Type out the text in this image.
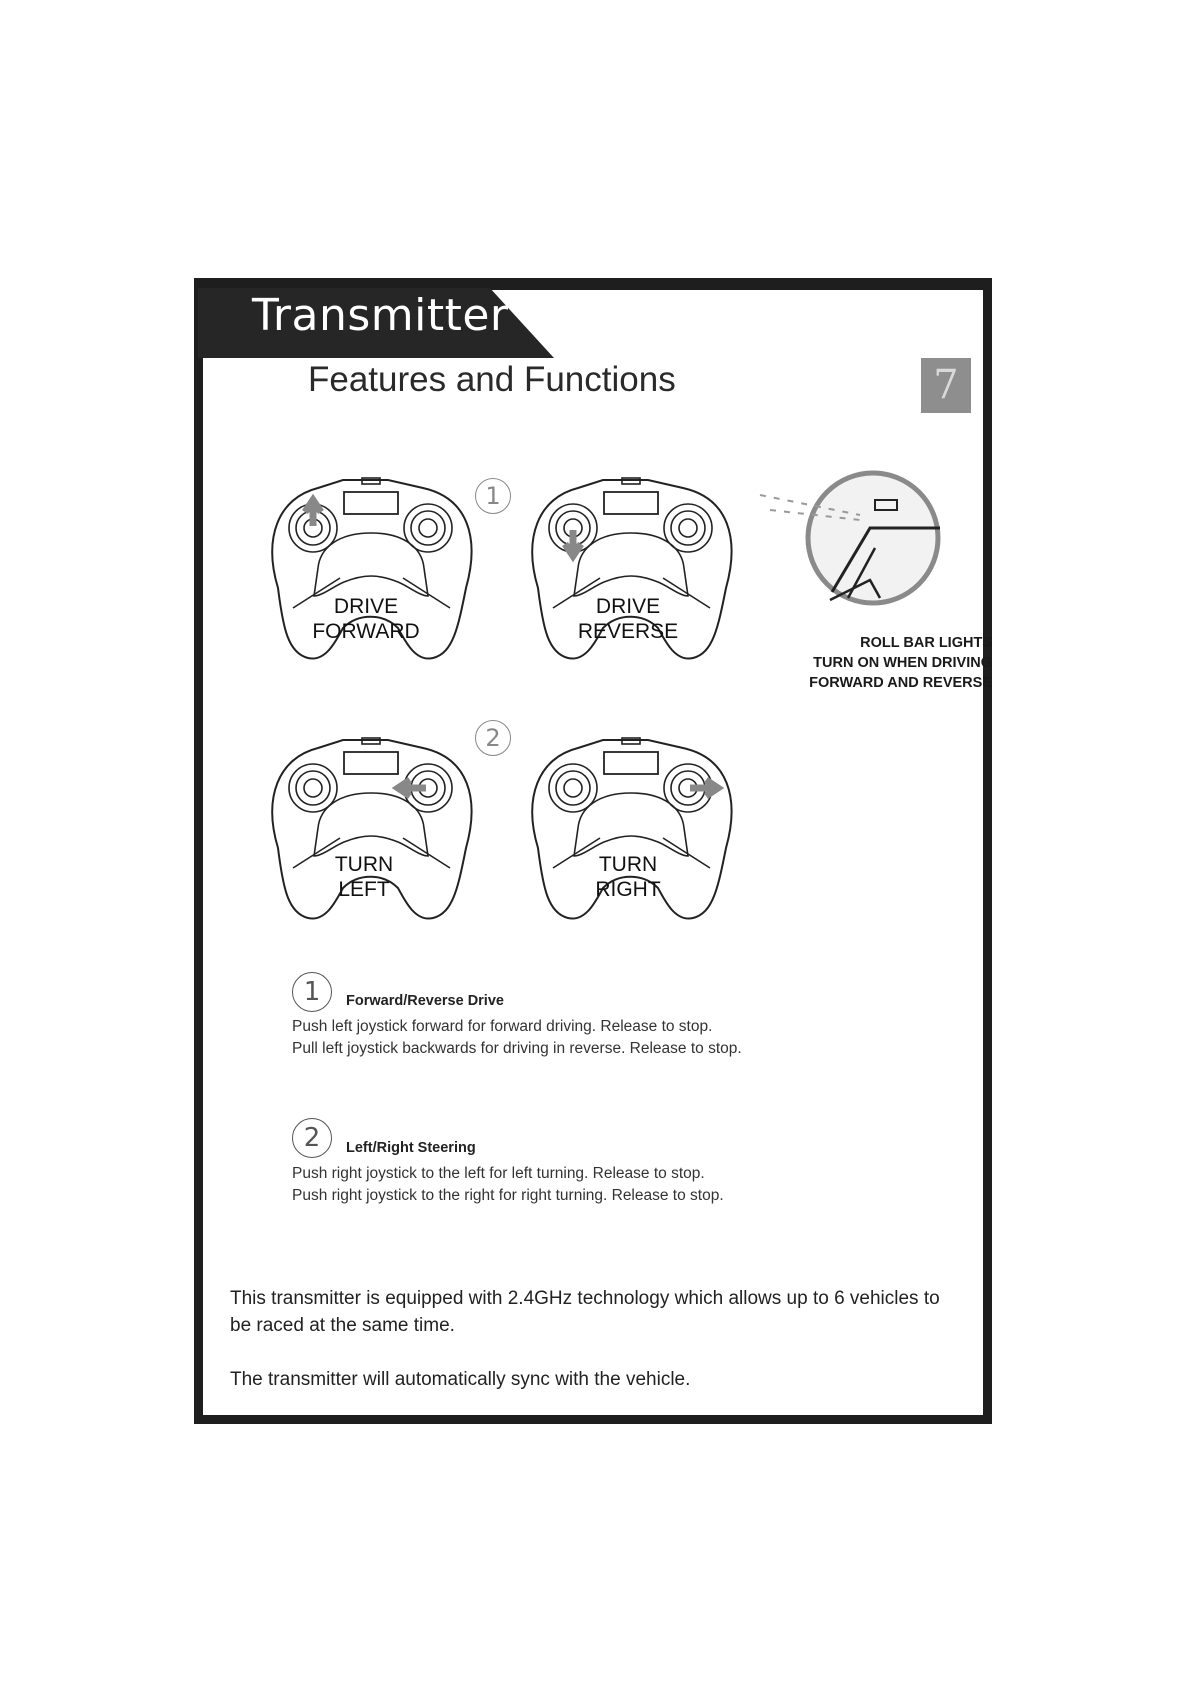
Transmitter
Features and Functions	7
1
2
DRIVE
FORWARD
DRIVE
REVERSE
TURN
LEFT
TURN
RIGHT
ROLL BAR LIGHTS
TURN ON WHEN DRIVING
FORWARD AND REVERSE
1	Forward/Reverse Drive
Push left joystick forward for forward driving. Release to stop.
Pull left joystick backwards for driving in reverse. Release to stop.
2	Left/Right Steering
Push right joystick to the left for left turning. Release to stop.
Push right joystick to the right for right turning. Release to stop.
This transmitter is equipped with 2.4GHz technology which allows up to 6 vehicles to be raced at the same time.
The transmitter will automatically sync with the vehicle.
